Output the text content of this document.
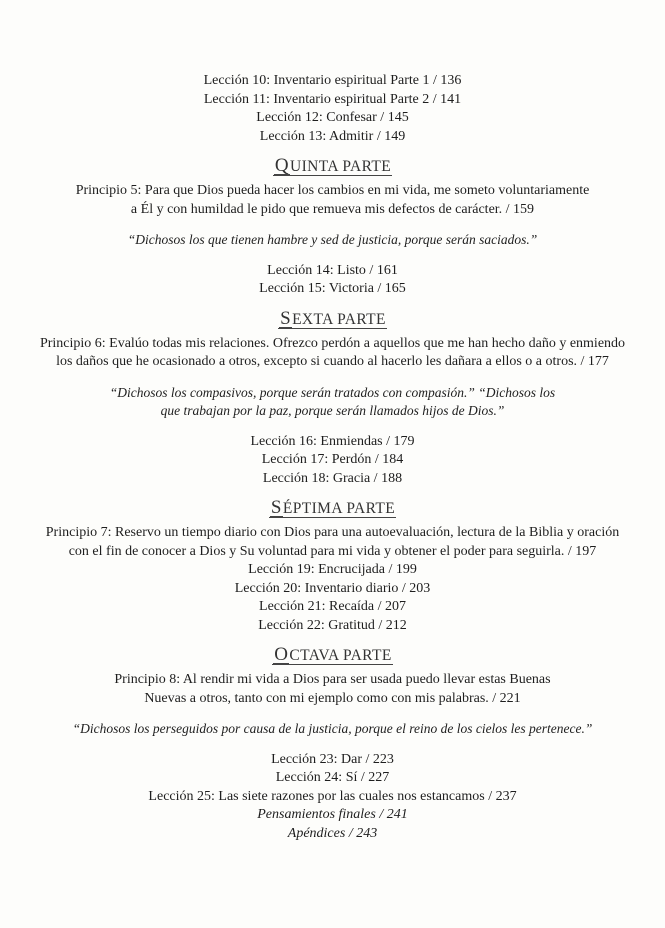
Lección 10: Inventario espiritual Parte 1 / 136
Lección 11: Inventario espiritual Parte 2 / 141
Lección 12: Confesar / 145
Lección 13: Admitir / 149
QUINTA PARTE
Principio 5: Para que Dios pueda hacer los cambios en mi vida, me someto voluntariamente
a Él y con humildad le pido que remueva mis defectos de carácter. / 159
“Dichosos los que tienen hambre y sed de justicia, porque serán saciados.”
Lección 14: Listo / 161
Lección 15: Victoria / 165
SEXTA PARTE
Principio 6: Evalúo todas mis relaciones. Ofrezco perdón a aquellos que me han hecho daño y enmiendo
los daños que he ocasionado a otros, excepto si cuando al hacerlo les dañara a ellos o a otros. / 177
“Dichosos los compasivos, porque serán tratados con compasión.” “Dichosos los
que trabajan por la paz, porque serán llamados hijos de Dios.”
Lección 16: Enmiendas / 179
Lección 17: Perdón / 184
Lección 18: Gracia / 188
SÉPTIMA PARTE
Principio 7: Reservo un tiempo diario con Dios para una autoevaluación, lectura de la Biblia y oración
con el fin de conocer a Dios y Su voluntad para mi vida y obtener el poder para seguirla. / 197
Lección 19: Encrucijada / 199
Lección 20: Inventario diario / 203
Lección 21: Recaída / 207
Lección 22: Gratitud / 212
OCTAVA PARTE
Principio 8: Al rendir mi vida a Dios para ser usada puedo llevar estas Buenas
Nuevas a otros, tanto con mi ejemplo como con mis palabras. / 221
“Dichosos los perseguidos por causa de la justicia, porque el reino de los cielos les pertenece.”
Lección 23: Dar / 223
Lección 24: Sí / 227
Lección 25: Las siete razones por las cuales nos estancamos / 237
Pensamientos finales / 241
Apéndices / 243
